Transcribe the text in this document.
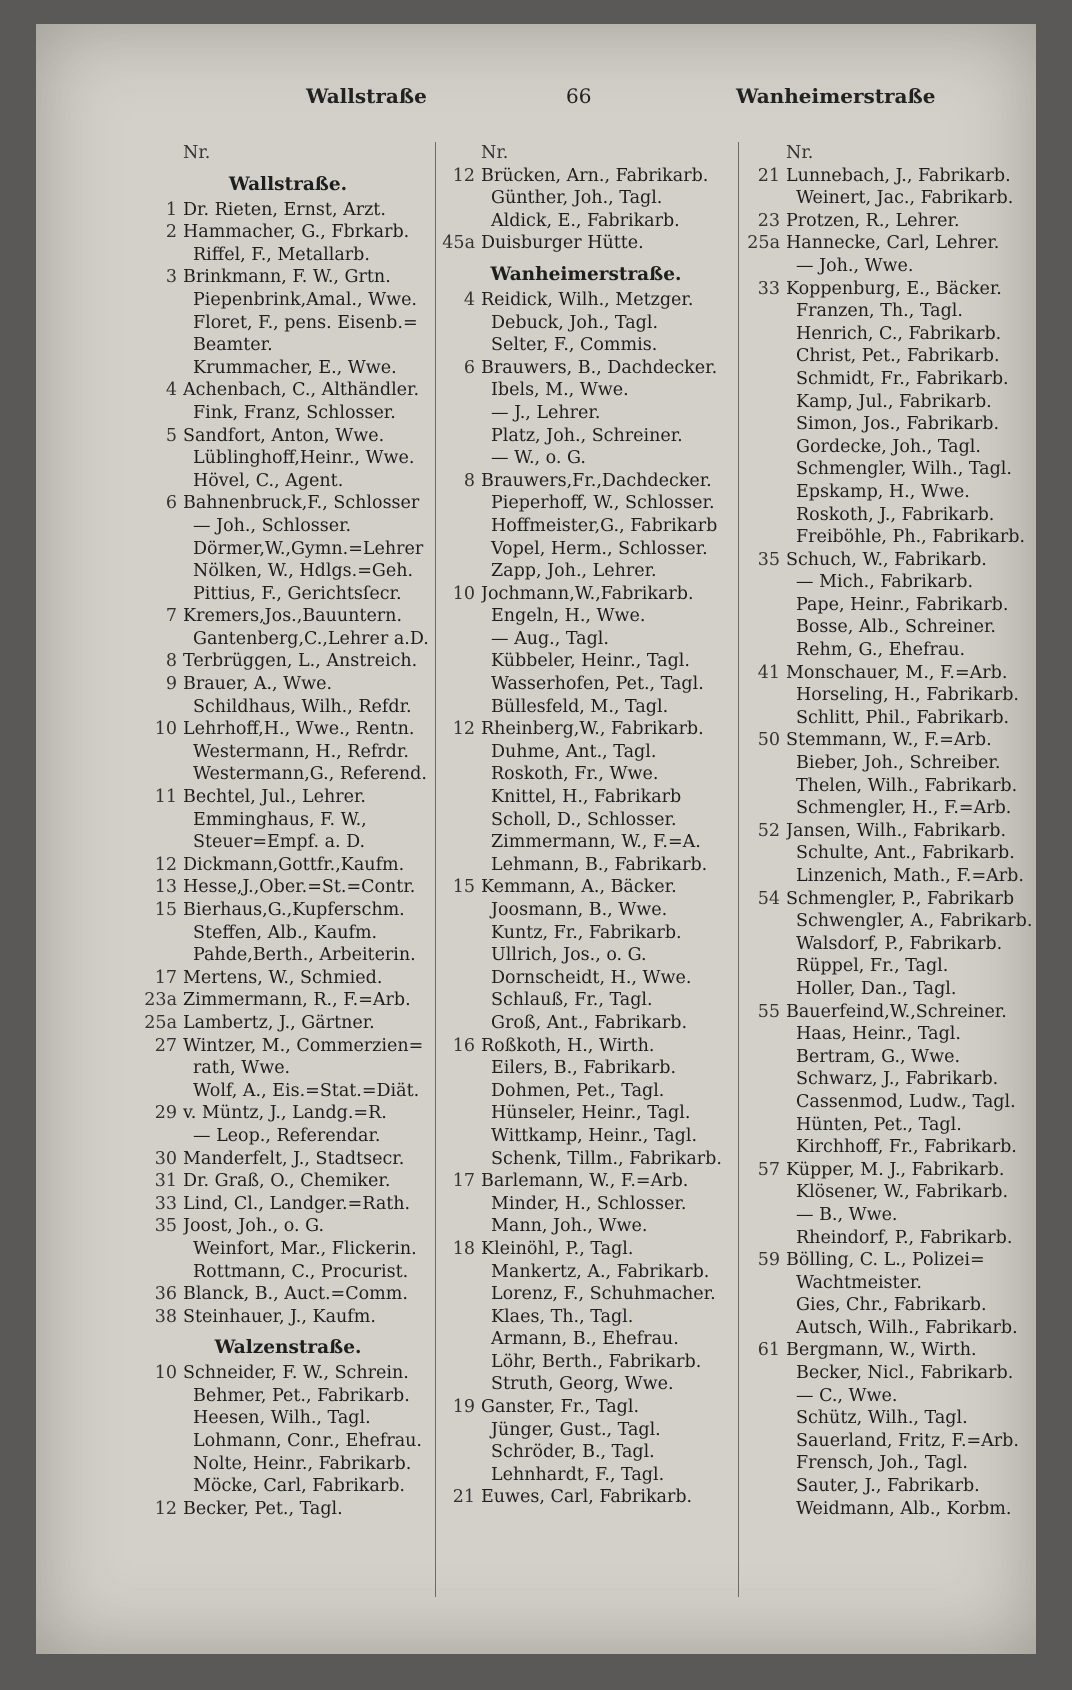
Wallstraße	66	Wanheimerstraße
Nr.
Wallstraße.
1 Dr. Rieten, Ernst, Arzt.
2 Hammacher, G., Fbrkarb.
Riffel, F., Metallarb.
3 Brinkmann, F. W., Grtn.
Piepenbrink,Amal., Wwe.
Floret, F., pens. Eisenb.=
Beamter.
Krummacher, E., Wwe.
4 Achenbach, C., Althändler.
Fink, Franz, Schlosser.
5 Sandfort, Anton, Wwe.
Lüblinghoff,Heinr., Wwe.
Hövel, C., Agent.
6 Bahnenbruck,F., Schlosser
— Joh., Schlosser.
Dörmer,W.,Gymn.=Lehrer
Nölken, W., Hdlgs.=Geh.
Pittius, F., Gerichtsſecr.
7 Kremers,Jos.,Bauuntern.
Gantenberg,C.,Lehrer a.D.
8 Terbrüggen, L., Anstreich.
9 Brauer, A., Wwe.
Schildhaus, Wilh., Refdr.
10 Lehrhoff,H., Wwe., Rentn.
Westermann, H., Refrdr.
Westermann,G., Referend.
11 Bechtel, Jul., Lehrer.
Emminghaus, F. W.,
Steuer=Empf. a. D.
12 Dickmann,Gottfr.,Kaufm.
13 Hesse,J.,Ober.=St.=Contr.
15 Bierhaus,G.,Kupferschm.
Steffen, Alb., Kaufm.
Pahde,Berth., Arbeiterin.
17 Mertens, W., Schmied.
23a Zimmermann, R., F.=Arb.
25a Lambertz, J., Gärtner.
27 Wintzer, M., Commerzien=
rath, Wwe.
Wolf, A., Eis.=Stat.=Diät.
29 v. Müntz, J., Landg.=R.
— Leop., Referendar.
30 Manderfelt, J., Stadtsecr.
31 Dr. Graß, O., Chemiker.
33 Lind, Cl., Landger.=Rath.
35 Joost, Joh., o. G.
Weinfort, Mar., Flickerin.
Rottmann, C., Procurist.
36 Blanck, B., Auct.=Comm.
38 Steinhauer, J., Kaufm.
Walzenstraße.
10 Schneider, F. W., Schrein.
Behmer, Pet., Fabrikarb.
Heesen, Wilh., Tagl.
Lohmann, Conr., Ehefrau.
Nolte, Heinr., Fabrikarb.
Möcke, Carl, Fabrikarb.
12 Becker, Pet., Tagl.
Nr.
12 Brücken, Arn., Fabrikarb.
Günther, Joh., Tagl.
Aldick, E., Fabrikarb.
45a Duisburger Hütte.
Wanheimerstraße.
4 Reidick, Wilh., Metzger.
Debuck, Joh., Tagl.
Selter, F., Commis.
6 Brauwers, B., Dachdecker.
Ibels, M., Wwe.
— J., Lehrer.
Platz, Joh., Schreiner.
— W., o. G.
8 Brauwers,Fr.,Dachdecker.
Pieperhoff, W., Schlosser.
Hoffmeister,G., Fabrikarb
Vopel, Herm., Schlosser.
Zapp, Joh., Lehrer.
10 Jochmann,W.,Fabrikarb.
Engeln, H., Wwe.
— Aug., Tagl.
Kübbeler, Heinr., Tagl.
Wasserhofen, Pet., Tagl.
Büllesfeld, M., Tagl.
12 Rheinberg,W., Fabrikarb.
Duhme, Ant., Tagl.
Roskoth, Fr., Wwe.
Knittel, H., Fabrikarb
Scholl, D., Schlosser.
Zimmermann, W., F.=A.
Lehmann, B., Fabrikarb.
15 Kemmann, A., Bäcker.
Joosmann, B., Wwe.
Kuntz, Fr., Fabrikarb.
Ullrich, Jos., o. G.
Dornscheidt, H., Wwe.
Schlauß, Fr., Tagl.
Groß, Ant., Fabrikarb.
16 Roßkoth, H., Wirth.
Eilers, B., Fabrikarb.
Dohmen, Pet., Tagl.
Hünseler, Heinr., Tagl.
Wittkamp, Heinr., Tagl.
Schenk, Tillm., Fabrikarb.
17 Barlemann, W., F.=Arb.
Minder, H., Schlosser.
Mann, Joh., Wwe.
18 Kleinöhl, P., Tagl.
Mankertz, A., Fabrikarb.
Lorenz, F., Schuhmacher.
Klaes, Th., Tagl.
Armann, B., Ehefrau.
Löhr, Berth., Fabrikarb.
Struth, Georg, Wwe.
19 Ganster, Fr., Tagl.
Jünger, Gust., Tagl.
Schröder, B., Tagl.
Lehnhardt, F., Tagl.
21 Euwes, Carl, Fabrikarb.
Nr.
21 Lunnebach, J., Fabrikarb.
Weinert, Jac., Fabrikarb.
23 Protzen, R., Lehrer.
25a Hannecke, Carl, Lehrer.
— Joh., Wwe.
33 Koppenburg, E., Bäcker.
Franzen, Th., Tagl.
Henrich, C., Fabrikarb.
Christ, Pet., Fabrikarb.
Schmidt, Fr., Fabrikarb.
Kamp, Jul., Fabrikarb.
Simon, Jos., Fabrikarb.
Gordecke, Joh., Tagl.
Schmengler, Wilh., Tagl.
Epskamp, H., Wwe.
Roskoth, J., Fabrikarb.
Freiböhle, Ph., Fabrikarb.
35 Schuch, W., Fabrikarb.
— Mich., Fabrikarb.
Pape, Heinr., Fabrikarb.
Bosse, Alb., Schreiner.
Rehm, G., Ehefrau.
41 Monschauer, M., F.=Arb.
Horseling, H., Fabrikarb.
Schlitt, Phil., Fabrikarb.
50 Stemmann, W., F.=Arb.
Bieber, Joh., Schreiber.
Thelen, Wilh., Fabrikarb.
Schmengler, H., F.=Arb.
52 Jansen, Wilh., Fabrikarb.
Schulte, Ant., Fabrikarb.
Linzenich, Math., F.=Arb.
54 Schmengler, P., Fabrikarb
Schwengler, A., Fabrikarb.
Walsdorf, P., Fabrikarb.
Rüppel, Fr., Tagl.
Holler, Dan., Tagl.
55 Bauerfeind,W.,Schreiner.
Haas, Heinr., Tagl.
Bertram, G., Wwe.
Schwarz, J., Fabrikarb.
Cassenmod, Ludw., Tagl.
Hünten, Pet., Tagl.
Kirchhoff, Fr., Fabrikarb.
57 Küpper, M. J., Fabrikarb.
Klösener, W., Fabrikarb.
— B., Wwe.
Rheindorf, P., Fabrikarb.
59 Bölling, C. L., Polizei=
Wachtmeister.
Gies, Chr., Fabrikarb.
Autsch, Wilh., Fabrikarb.
61 Bergmann, W., Wirth.
Becker, Nicl., Fabrikarb.
— C., Wwe.
Schütz, Wilh., Tagl.
Sauerland, Fritz, F.=Arb.
Frensch, Joh., Tagl.
Sauter, J., Fabrikarb.
Weidmann, Alb., Korbm.
